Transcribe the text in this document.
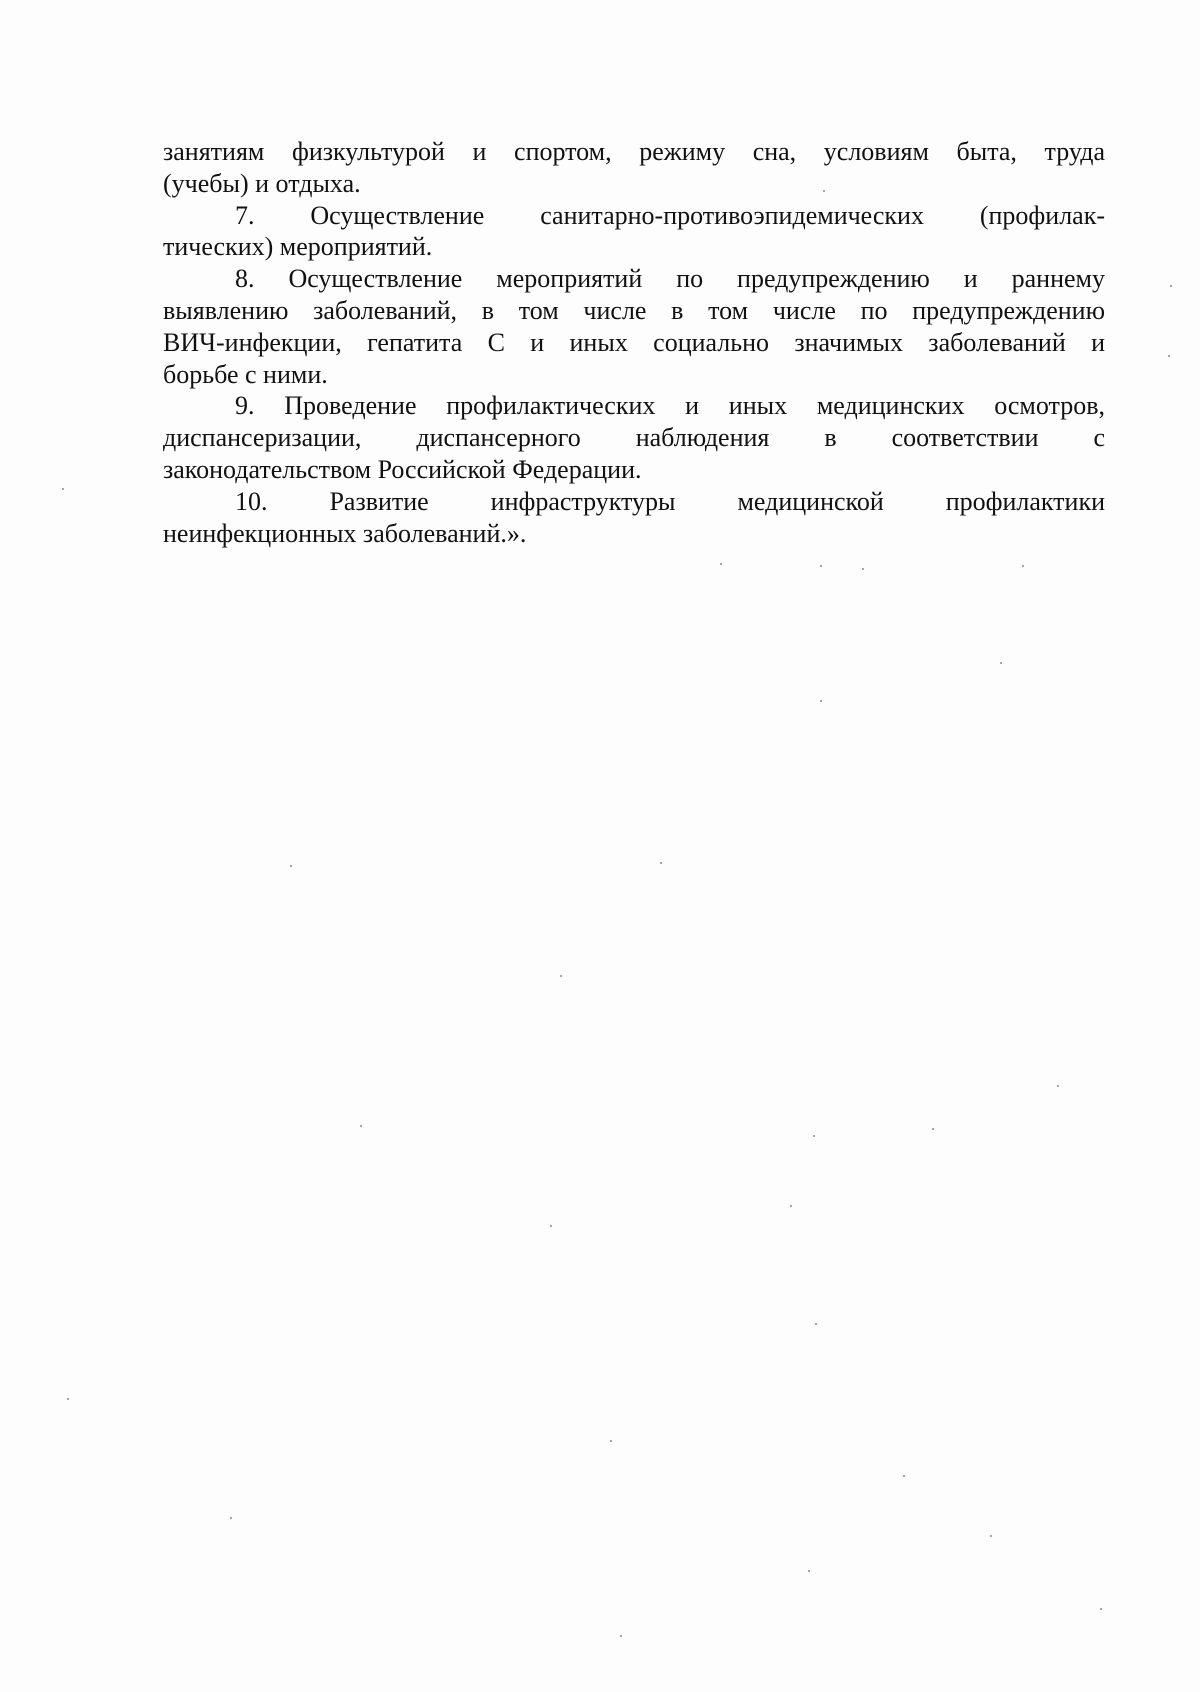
занятиям физкультурой и спортом, режиму сна, условиям быта, труда
(учебы) и отдыха.

7. Осуществление санитарно-противоэпидемических (профилак-
тических) мероприятий.

8. Осуществление мероприятий по предупреждению и раннему
выявлению заболеваний, в том числе в том числе по предупреждению
ВИЧ-инфекции, гепатита С и иных социально значимых заболеваний и
борьбе с ними.

9. Проведение профилактических и иных медицинских осмотров,
диспансеризации, диспансерного наблюдения в соответствии с
законодательством Российской Федерации.

10. Развитие инфраструктуры медицинской профилактики
неинфекционных заболеваний.».
